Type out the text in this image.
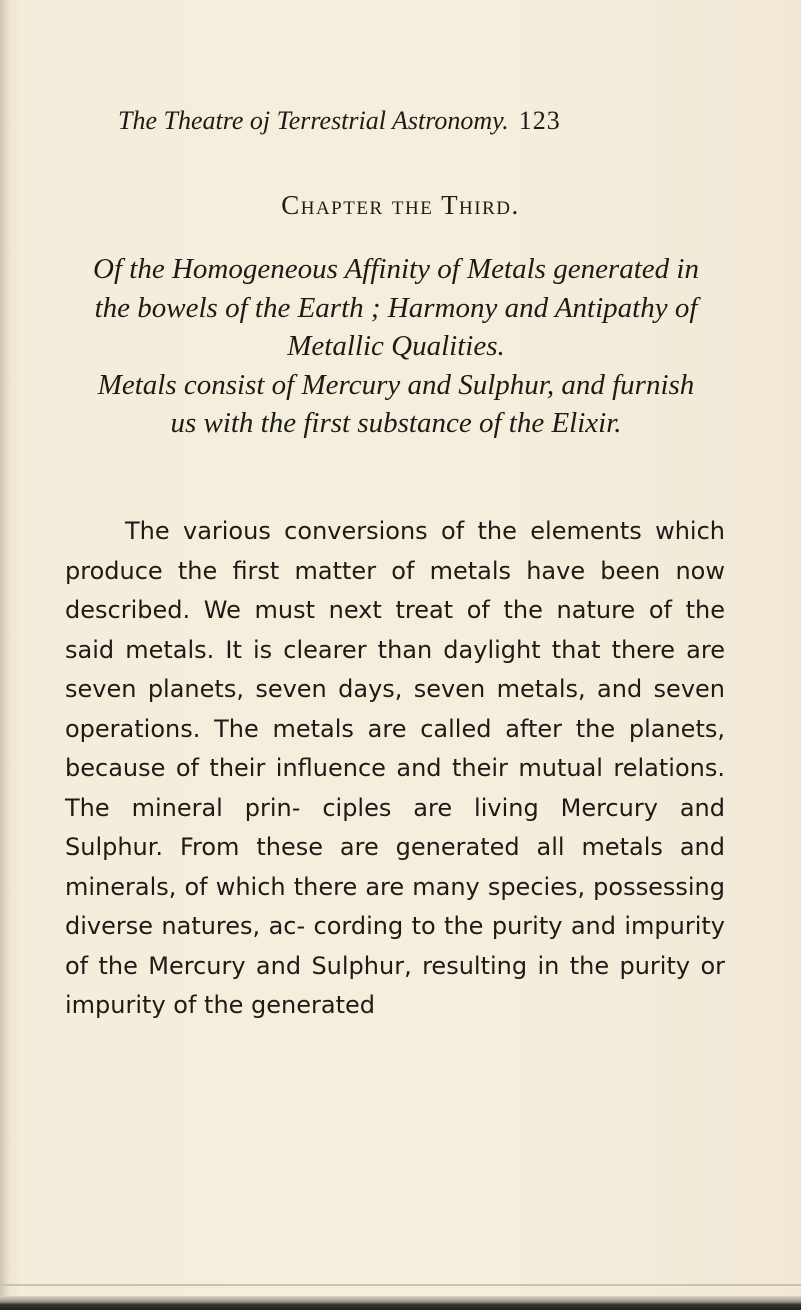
The Theatre oj Terrestrial Astronomy. 123
Chapter the Third.

Of the Homogeneous Affinity of Metals generated in the bowels of the Earth ; Harmony and Antipathy of Metallic Qualities.

Metals consist of Mercury and Sulphur, and furnish us with the first substance of the Elixir.

The various conversions of the elements which produce the first matter of metals have been now described. We must next treat of the nature of the said metals. It is clearer than daylight that there are seven planets, seven days, seven metals, and seven operations. The metals are called after the planets, because of their influence and their mutual relations. The mineral prin- ciples are living Mercury and Sulphur. From these are generated all metals and minerals, of which there are many species, possessing diverse natures, ac- cording to the purity and impurity of the Mercury and Sulphur, resulting in the purity or impurity of the generated
